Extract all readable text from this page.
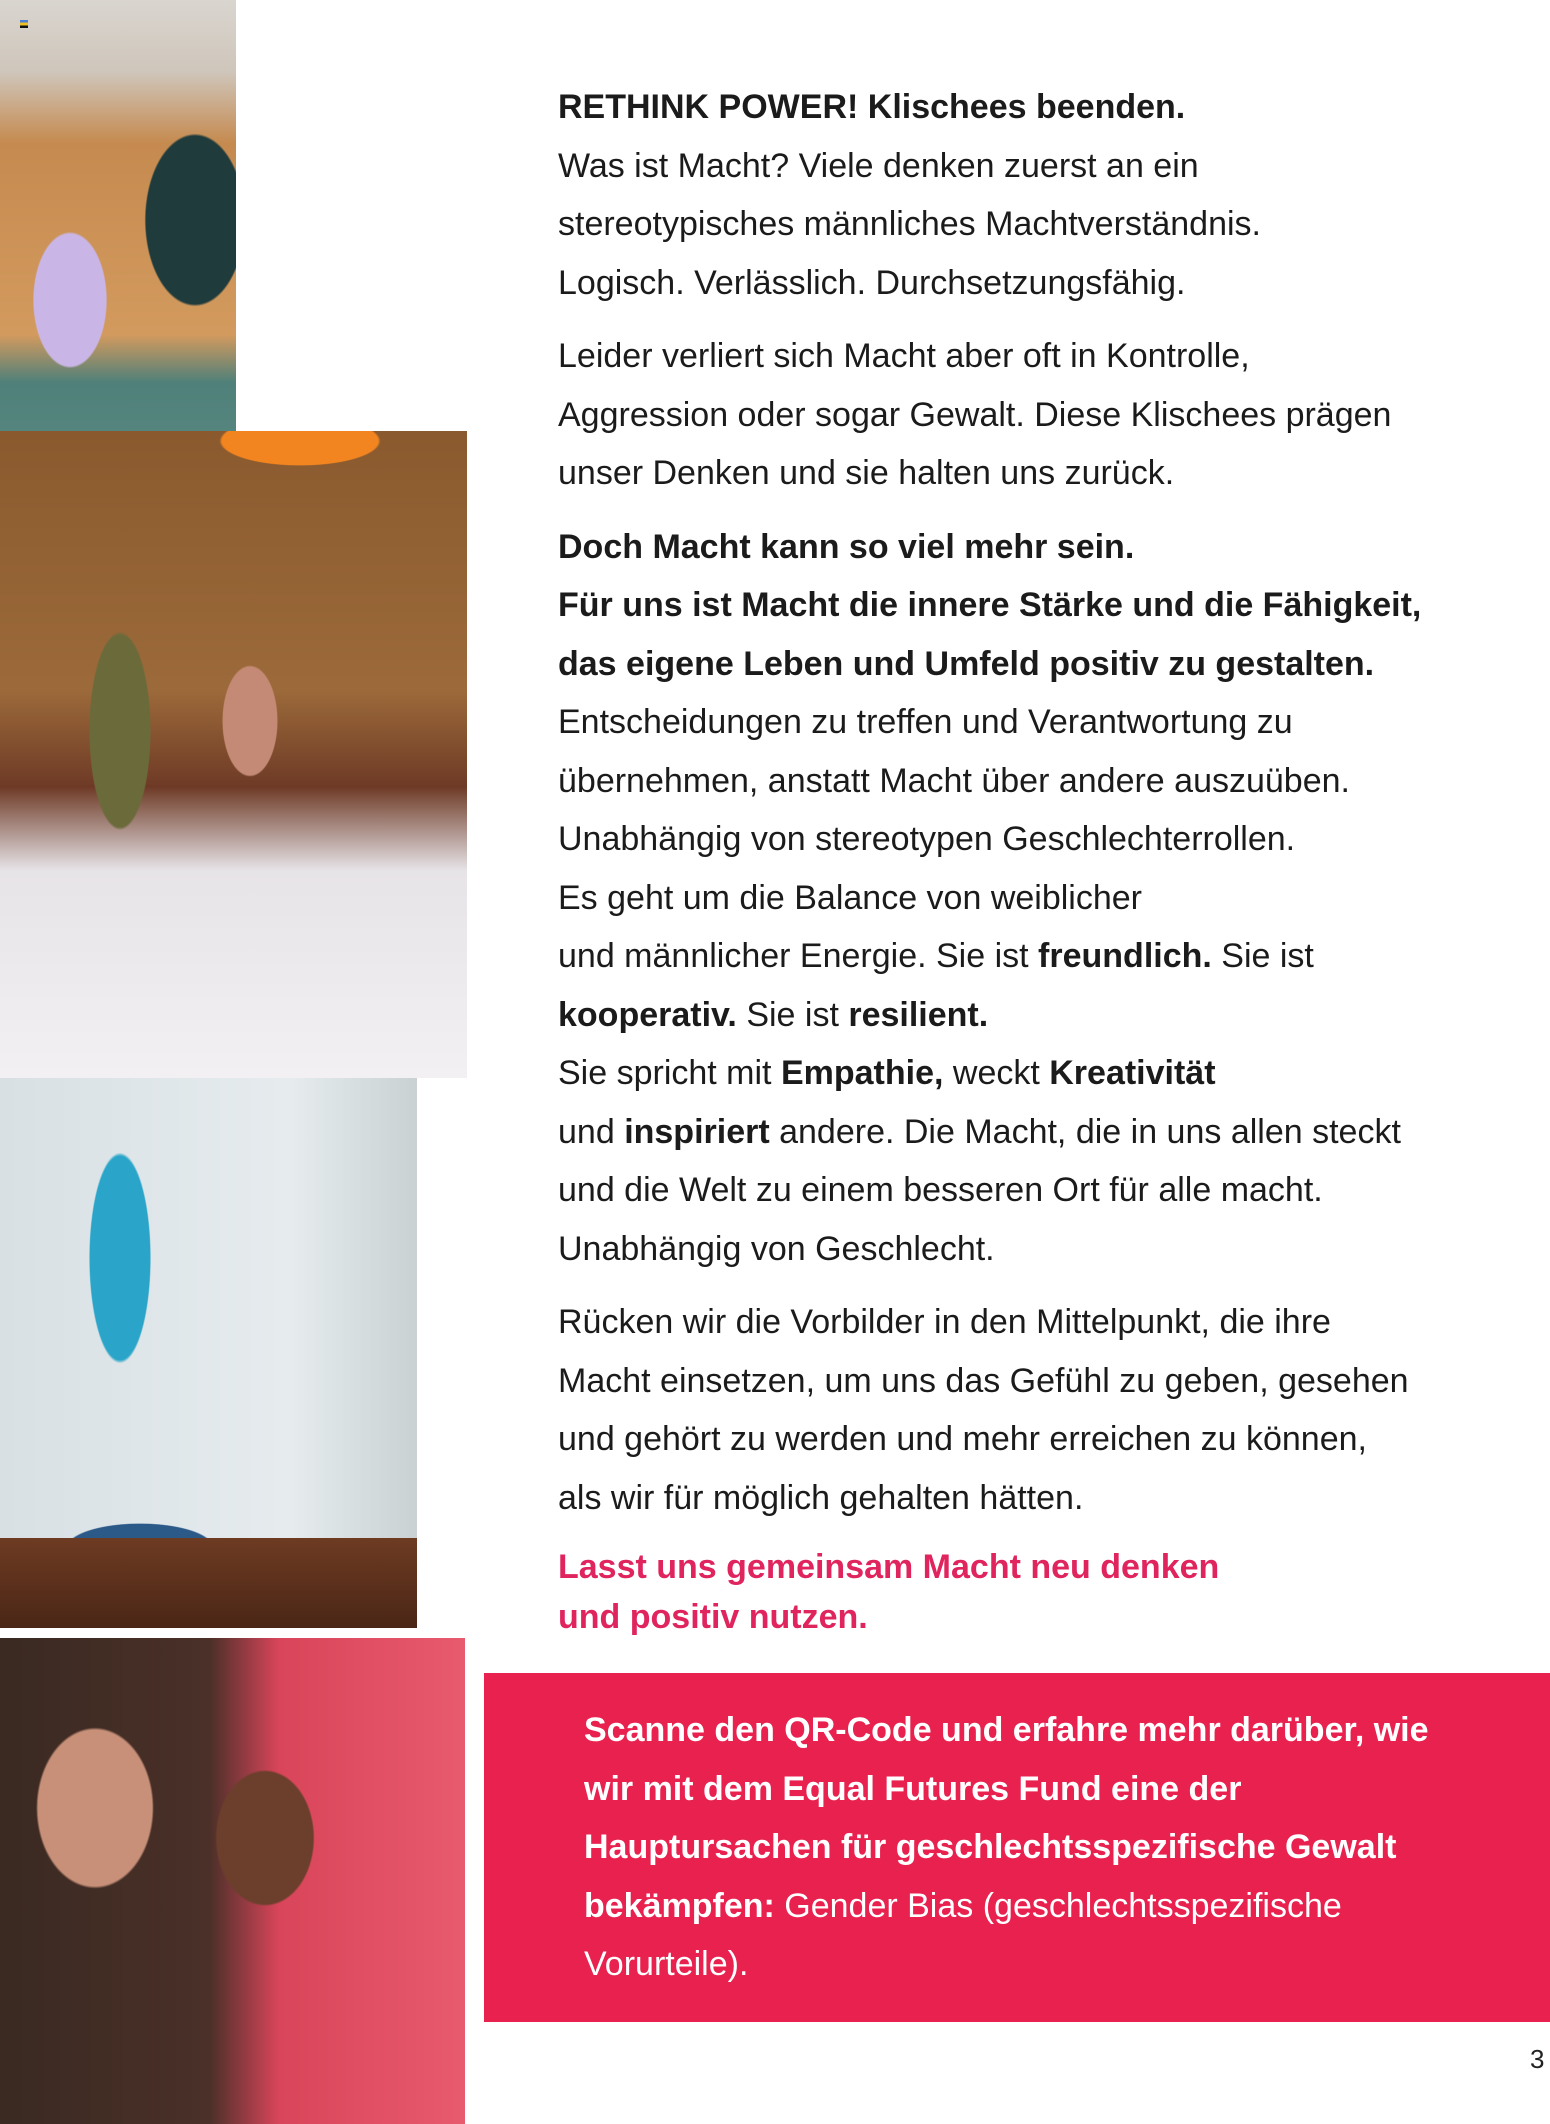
RETHINK POWER! Klischees beenden.
Was ist Macht? Viele denken zuerst an ein
stereotypisches männliches Machtverständnis.
Logisch. Verlässlich. Durchsetzungsfähig.
Leider verliert sich Macht aber oft in Kontrolle,
Aggression oder sogar Gewalt. Diese Klischees prägen
unser Denken und sie halten uns zurück.
Doch Macht kann so viel mehr sein.
Für uns ist Macht die innere Stärke und die Fähigkeit,
das eigene Leben und Umfeld positiv zu gestalten.
Entscheidungen zu treffen und Verantwortung zu
übernehmen, anstatt Macht über andere auszuüben.
Unabhängig von stereotypen Geschlechterrollen.
Es geht um die Balance von weiblicher
und männlicher Energie. Sie ist freundlich. Sie ist
kooperativ. Sie ist resilient.
Sie spricht mit Empathie, weckt Kreativität
und inspiriert andere. Die Macht, die in uns allen steckt
und die Welt zu einem besseren Ort für alle macht.
Unabhängig von Geschlecht.
Rücken wir die Vorbilder in den Mittelpunkt, die ihre
Macht einsetzen, um uns das Gefühl zu geben, gesehen
und gehört zu werden und mehr erreichen zu können,
als wir für möglich gehalten hätten.
Lasst uns gemeinsam Macht neu denken
und positiv nutzen.
Scanne den QR-Code und erfahre mehr darüber, wie
wir mit dem Equal Futures Fund eine der
Hauptursachen für geschlechtsspezifische Gewalt
bekämpfen: Gender Bias (geschlechtsspezifische
Vorurteile).
3
